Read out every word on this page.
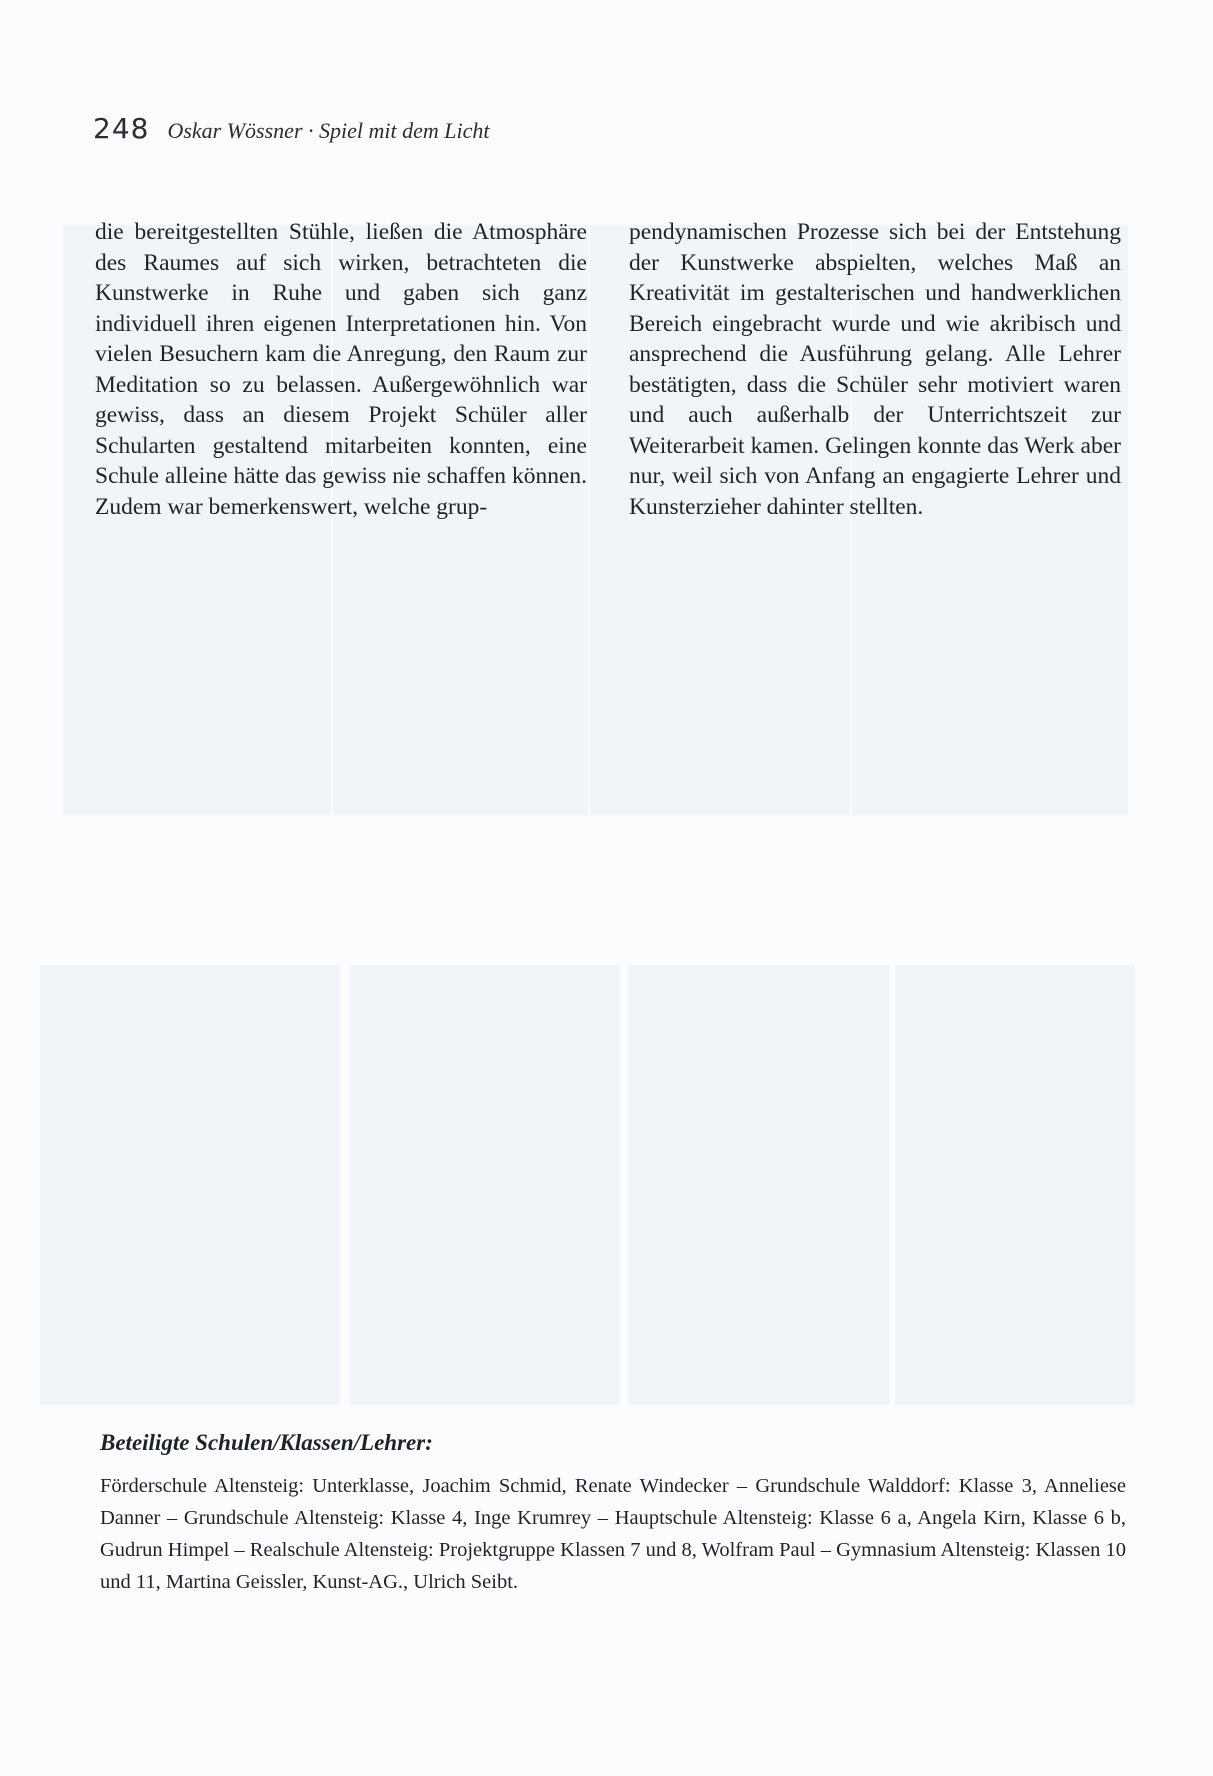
248 Oskar Wössner · Spiel mit dem Licht

die bereitgestellten Stühle, ließen die Atmosphäre des Raumes auf sich wirken, betrachteten die Kunstwerke in Ruhe und gaben sich ganz individuell ihren eigenen Interpretationen hin. Von vielen Besuchern kam die Anregung, den Raum zur Meditation so zu belassen. Außergewöhnlich war gewiss, dass an diesem Projekt Schüler aller Schularten gestaltend mitarbeiten konnten, eine Schule alleine hätte das gewiss nie schaffen können. Zudem war bemerkenswert, welche grup-

pendynamischen Prozesse sich bei der Entstehung der Kunstwerke abspielten, welches Maß an Kreativität im gestalterischen und handwerklichen Bereich eingebracht wurde und wie akribisch und ansprechend die Ausführung gelang. Alle Lehrer bestätigten, dass die Schüler sehr motiviert waren und auch außerhalb der Unterrichtszeit zur Weiterarbeit kamen. Gelingen konnte das Werk aber nur, weil sich von Anfang an engagierte Lehrer und Kunsterzieher dahinter stellten.

Beteiligte Schulen/Klassen/Lehrer:

Förderschule Altensteig: Unterklasse, Joachim Schmid, Renate Windecker – Grundschule Walddorf: Klasse 3, Anneliese Danner – Grundschule Altensteig: Klasse 4, Inge Krumrey – Hauptschule Altensteig: Klasse 6 a, Angela Kirn, Klasse 6 b, Gudrun Himpel – Realschule Altensteig: Projektgruppe Klassen 7 und 8, Wolfram Paul – Gymnasium Altensteig: Klassen 10 und 11, Martina Geissler, Kunst-AG., Ulrich Seibt.
